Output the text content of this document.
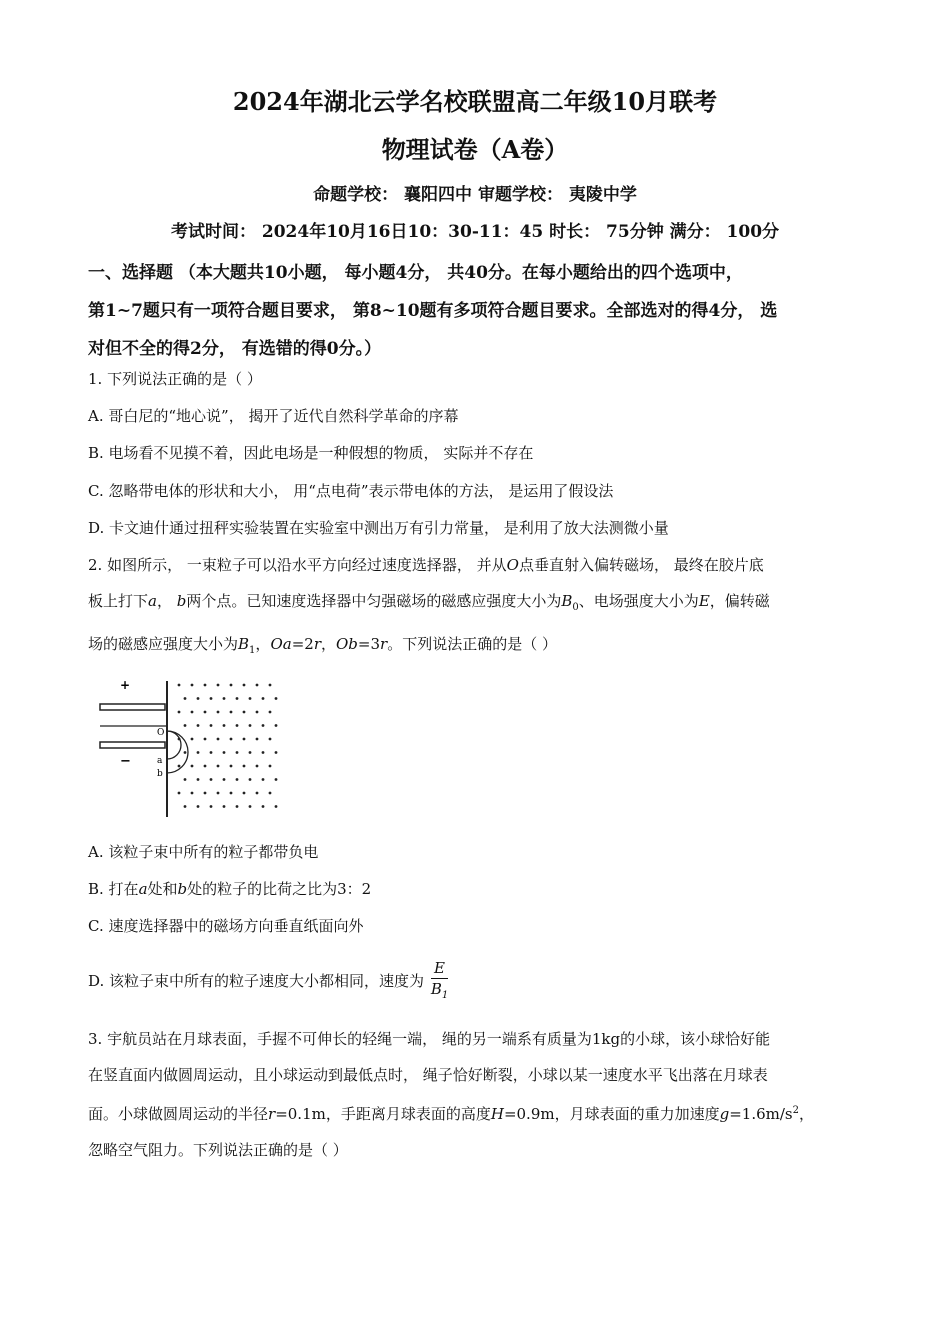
2024年湖北云学名校联盟高二年级10月联考
物理试卷（A卷）
命题学校： 襄阳四中 审题学校： 夷陵中学
考试时间： 2024年10月16日10：30-11：45 时长： 75分钟 满分： 100分
一、选择题 （本大题共10小题， 每小题4分， 共40分。在每小题给出的四个选项中，
第1~7题只有一项符合题目要求， 第8~10题有多项符合题目要求。全部选对的得4分， 选
对但不全的得2分， 有选错的得0分。）
1. 下列说法正确的是（ ）
A. 哥白尼的“地心说”， 揭开了近代自然科学革命的序幕
B. 电场看不见摸不着，因此电场是一种假想的物质， 实际并不存在
C. 忽略带电体的形状和大小， 用“点电荷”表示带电体的方法， 是运用了假设法
D. 卡文迪什通过扭秤实验装置在实验室中测出万有引力常量， 是利用了放大法测微小量
2. 如图所示， 一束粒子可以沿水平方向经过速度选择器， 并从O点垂直射入偏转磁场， 最终在胶片底
板上打下a， b两个点。已知速度选择器中匀强磁场的磁感应强度大小为$B_0$、电场强度大小为E，偏转磁
场的磁感应强度大小为$B_1$，Oa=2r，Ob=3r。下列说法正确的是（ ）
+
−
O
a
b
A. 该粒子束中所有的粒子都带负电
B. 打在a处和b处的粒子的比荷之比为3：2
C. 速度选择器中的磁场方向垂直纸面向外
D. 该粒子束中所有的粒子速度大小都相同，速度为 $\frac{E}{B_1}$
3. 宇航员站在月球表面，手握不可伸长的轻绳一端， 绳的另一端系有质量为1kg的小球，该小球恰好能
在竖直面内做圆周运动，且小球运动到最低点时， 绳子恰好断裂，小球以某一速度水平飞出落在月球表
面。小球做圆周运动的半径r=0.1m，手距离月球表面的高度H=0.9m，月球表面的重力加速度$g=1.6m/s^2$，
忽略空气阻力。下列说法正确的是（ ）
